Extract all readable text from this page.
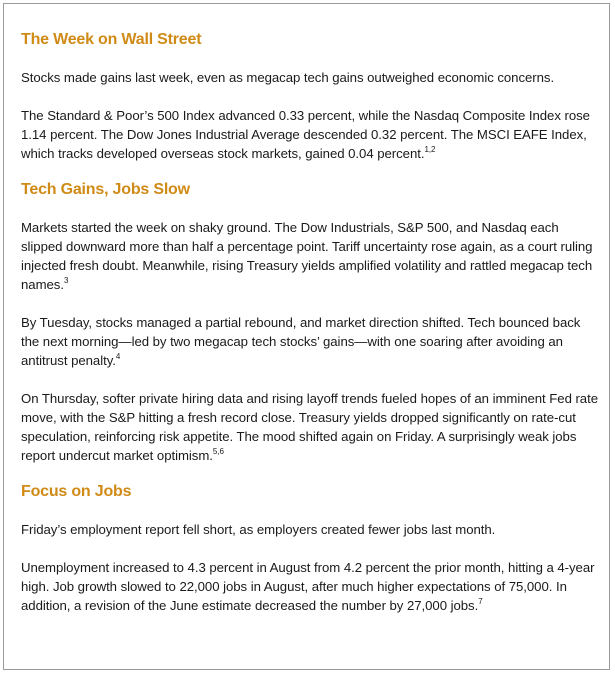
The Week on Wall Street

Stocks made gains last week, even as megacap tech gains outweighed economic concerns.

The Standard & Poor’s 500 Index advanced 0.33 percent, while the Nasdaq Composite Index rose 1.14 percent. The Dow Jones Industrial Average descended 0.32 percent. The MSCI EAFE Index, which tracks developed overseas stock markets, gained 0.04 percent.$^{1,2}$

Tech Gains, Jobs Slow

Markets started the week on shaky ground. The Dow Industrials, S&P 500, and Nasdaq each slipped downward more than half a percentage point. Tariff uncertainty rose again, as a court ruling injected fresh doubt. Meanwhile, rising Treasury yields amplified volatility and rattled megacap tech names.$^3$

By Tuesday, stocks managed a partial rebound, and market direction shifted. Tech bounced back the next morning—led by two megacap tech stocks’ gains—with one soaring after avoiding an antitrust penalty.$^4$

On Thursday, softer private hiring data and rising layoff trends fueled hopes of an imminent Fed rate move, with the S&P hitting a fresh record close. Treasury yields dropped significantly on rate-cut speculation, reinforcing risk appetite. The mood shifted again on Friday. A surprisingly weak jobs report undercut market optimism.$^{5,6}$

Focus on Jobs

Friday’s employment report fell short, as employers created fewer jobs last month.

Unemployment increased to 4.3 percent in August from 4.2 percent the prior month, hitting a 4-year high. Job growth slowed to 22,000 jobs in August, after much higher expectations of 75,000. In addition, a revision of the June estimate decreased the number by 27,000 jobs.$^7$
